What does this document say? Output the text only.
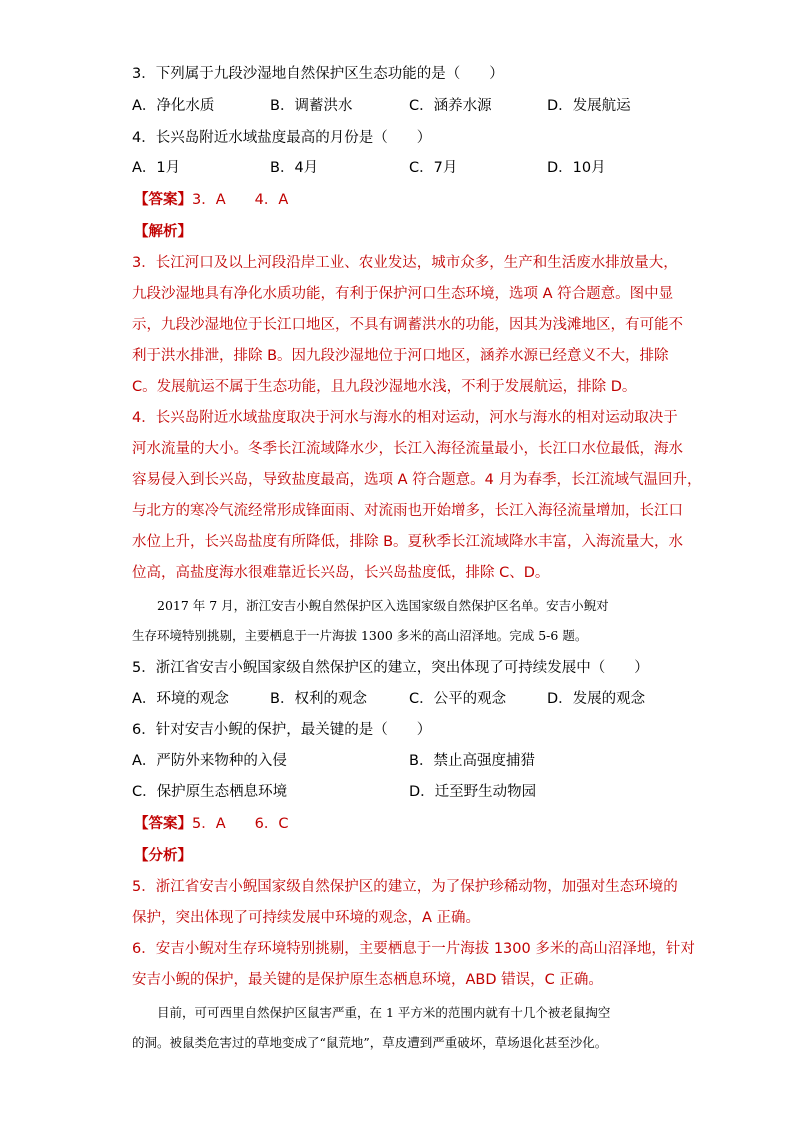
3．下列属于九段沙湿地自然保护区生态功能的是（　　）
A．净化水质	B．调蓄洪水	C．涵养水源	D．发展航运
4．长兴岛附近水域盐度最高的月份是（　　）
A．1月	B．4月	C．7月	D．10月
【答案】3．A　　4．A
【解析】
3．长江河口及以上河段沿岸工业、农业发达，城市众多，生产和生活废水排放量大，
九段沙湿地具有净化水质功能，有利于保护河口生态环境，选项 A 符合题意。图中显
示，九段沙湿地位于长江口地区，不具有调蓄洪水的功能，因其为浅滩地区，有可能不
利于洪水排泄，排除 B。因九段沙湿地位于河口地区，涵养水源已经意义不大，排除
C。发展航运不属于生态功能，且九段沙湿地水浅，不利于发展航运，排除 D。
4．长兴岛附近水域盐度取决于河水与海水的相对运动，河水与海水的相对运动取决于
河水流量的大小。冬季长江流域降水少，长江入海径流量最小，长江口水位最低，海水
容易侵入到长兴岛，导致盐度最高，选项 A 符合题意。4 月为春季，长江流域气温回升，
与北方的寒冷气流经常形成锋面雨、对流雨也开始增多，长江入海径流量增加，长江口
水位上升，长兴岛盐度有所降低，排除 B。夏秋季长江流域降水丰富，入海流量大，水
位高，高盐度海水很难靠近长兴岛，长兴岛盐度低，排除 C、D。
　　2017 年 7 月，浙江安吉小鲵自然保护区入选国家级自然保护区名单。安吉小鲵对
生存环境特别挑剔，主要栖息于一片海拔 1300 多米的高山沼泽地。完成 5-6 题。
5．浙江省安吉小鲵国家级自然保护区的建立，突出体现了可持续发展中（　　）
A．环境的观念	B．权利的观念	C．公平的观念	D．发展的观念
6．针对安吉小鲵的保护，最关键的是（　　）
A．严防外来物种的入侵	B．禁止高强度捕猎
C．保护原生态栖息环境	D．迁至野生动物园
【答案】5．A　　6．C
【分析】
5．浙江省安吉小鲵国家级自然保护区的建立，为了保护珍稀动物，加强对生态环境的
保护，突出体现了可持续发展中环境的观念，A 正确。
6．安吉小鲵对生存环境特别挑剔，主要栖息于一片海拔 1300 多米的高山沼泽地，针对
安吉小鲵的保护，最关键的是保护原生态栖息环境，ABD 错误，C 正确。
　　目前，可可西里自然保护区鼠害严重，在 1 平方米的范围内就有十几个被老鼠掏空
的洞。被鼠类危害过的草地变成了“鼠荒地”，草皮遭到严重破坏，草场退化甚至沙化。
